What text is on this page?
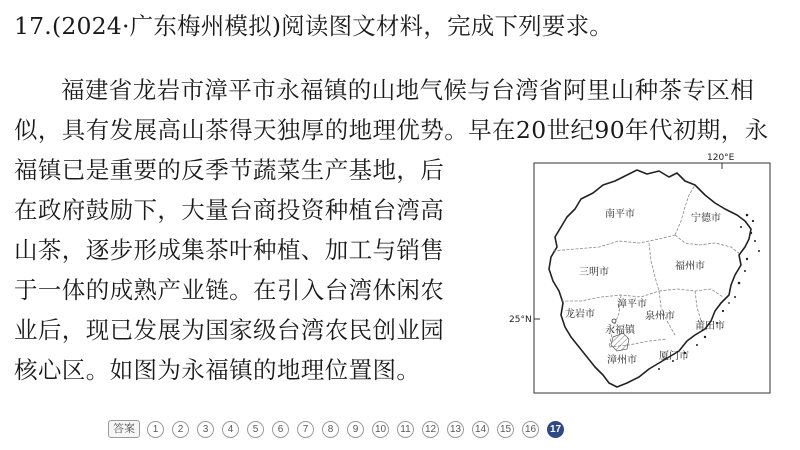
17.(2024·广东梅州模拟)阅读图文材料，完成下列要求。
福建省龙岩市漳平市永福镇的山地气候与台湾省阿里山种茶专区相
似，具有发展高山茶得天独厚的地理优势。早在20世纪90年代初期，永
福镇已是重要的反季节蔬菜生产基地，后
在政府鼓励下，大量台商投资种植台湾高
山茶，逐步形成集茶叶种植、加工与销售
于一体的成熟产业链。在引入台湾休闲农
业后，现已发展为国家级台湾农民创业园
核心区。如图为永福镇的地理位置图。
120°E
25°N
南平市	宁德市
三明市
福州市
龙岩市
漳平市
永福镇
泉州市
莆田市
漳州市 厦门市
答案	1	2	3	4	5	6	7	8	9	10	11	12 13 14 15 16 17
